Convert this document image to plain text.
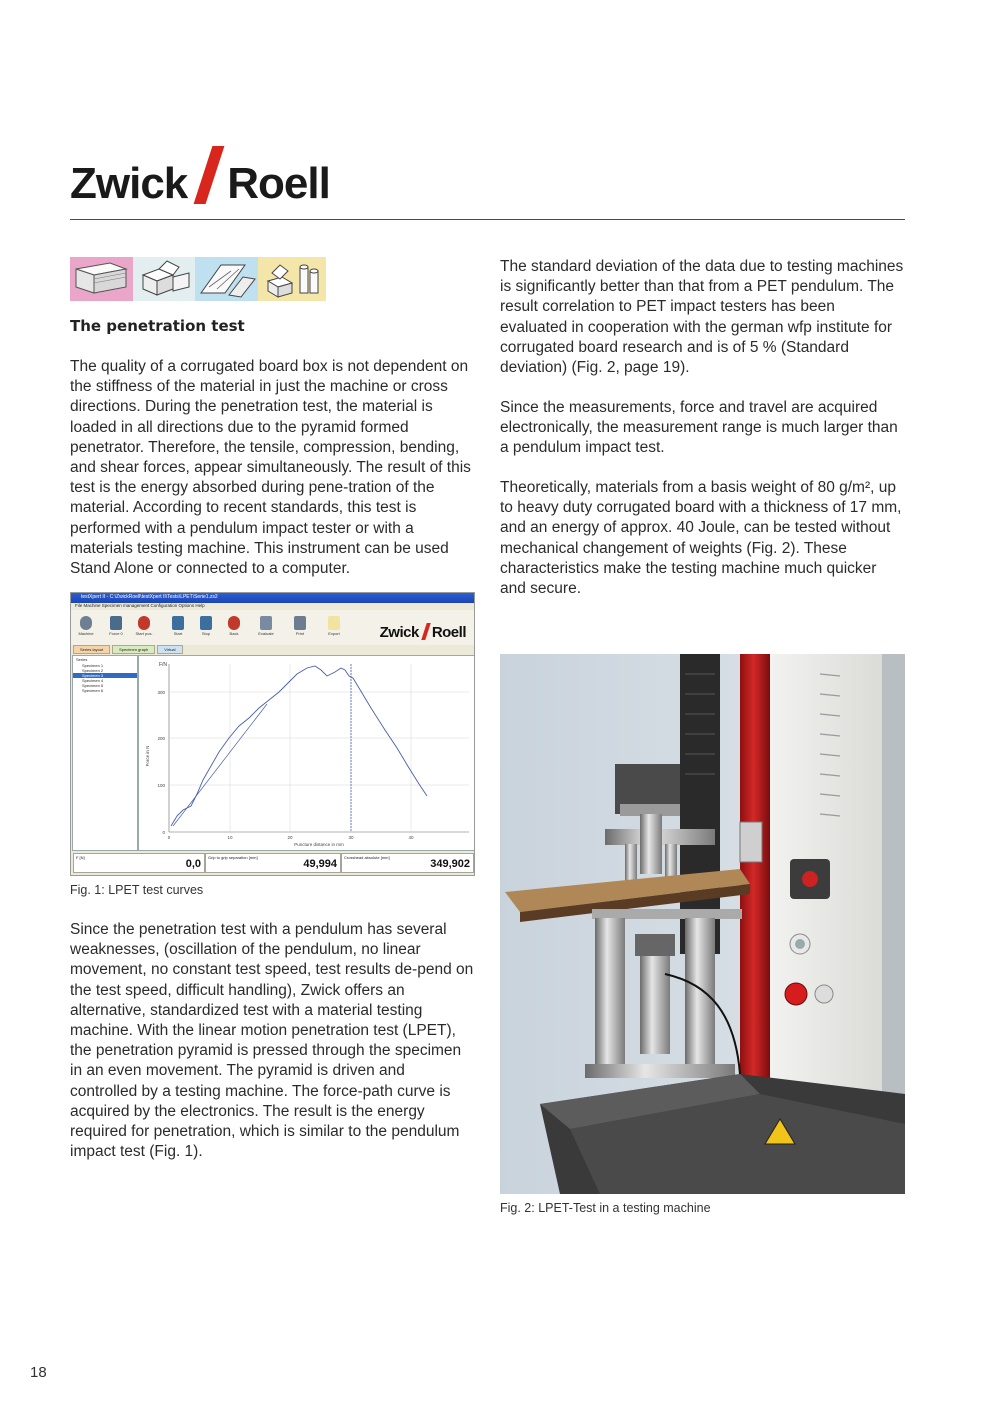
Zwick Roell
The penetration test
The quality of a corrugated board box is not dependent on the stiffness of the material in just the machine or cross directions. During the penetration test, the material is loaded in all directions due to the pyramid formed penetrator. Therefore, the tensile, compression, bending, and shear forces, appear simultaneously. The result of this test is the energy absorbed during pene-tration of the material. According to recent standards, this test is performed with a pendulum impact tester or with a materials testing machine. This instrument can be used Stand Alone or connected to a computer.
testXpert II - C:\ZwickRoell\testXpert II\Tests\LPET\Serie1.zs2
File Machine Specimen management Configuration Options Help
Machine	Force 0	Start pos.	Start	Stop	Back	Evaluate	Print	Export	Zwick Roell
Series layout	Specimen graph	Virtual
Series
Specimen 1
Specimen 2
Specimen 3
Specimen 4
Specimen 5
Specimen 6
F/N
Force in N
Puncture distance in mm
0
100
200
300
0	10	20	30	40
F [N]
0,0
Grip to grip separation [mm]
49,994
Crosshead absolute [mm]
349,902
Fig. 1: LPET test curves
Since the penetration test with a pendulum has several weaknesses, (oscillation of the pendulum, no linear movement, no constant test speed, test results de-pend on the test speed, difficult handling), Zwick offers an alternative, standardized test with a material testing machine. With the linear motion penetration test (LPET), the penetration pyramid is pressed through the specimen in an even movement. The pyramid is driven and controlled by a testing machine. The force-path curve is acquired by the electronics. The result is the energy required for penetration, which is similar to the pendulum impact test (Fig. 1).
The standard deviation of the data due to testing machines is significantly better than that from a PET pendulum. The result correlation to PET impact testers has been evaluated in cooperation with the german wfp institute for corrugated board research and is of 5 % (Standard deviation) (Fig. 2, page 19).
Since the measurements, force and travel are acquired electronically, the measurement range is much larger than a pendulum impact test.
Theoretically, materials from a basis weight of 80 g/m², up to heavy duty corrugated board with a thickness of 17 mm, and an energy of approx. 40 Joule, can be tested without mechanical changement of weights (Fig. 2). These characteristics make the testing machine much quicker and secure.
Fig. 2: LPET-Test in a testing machine
18
